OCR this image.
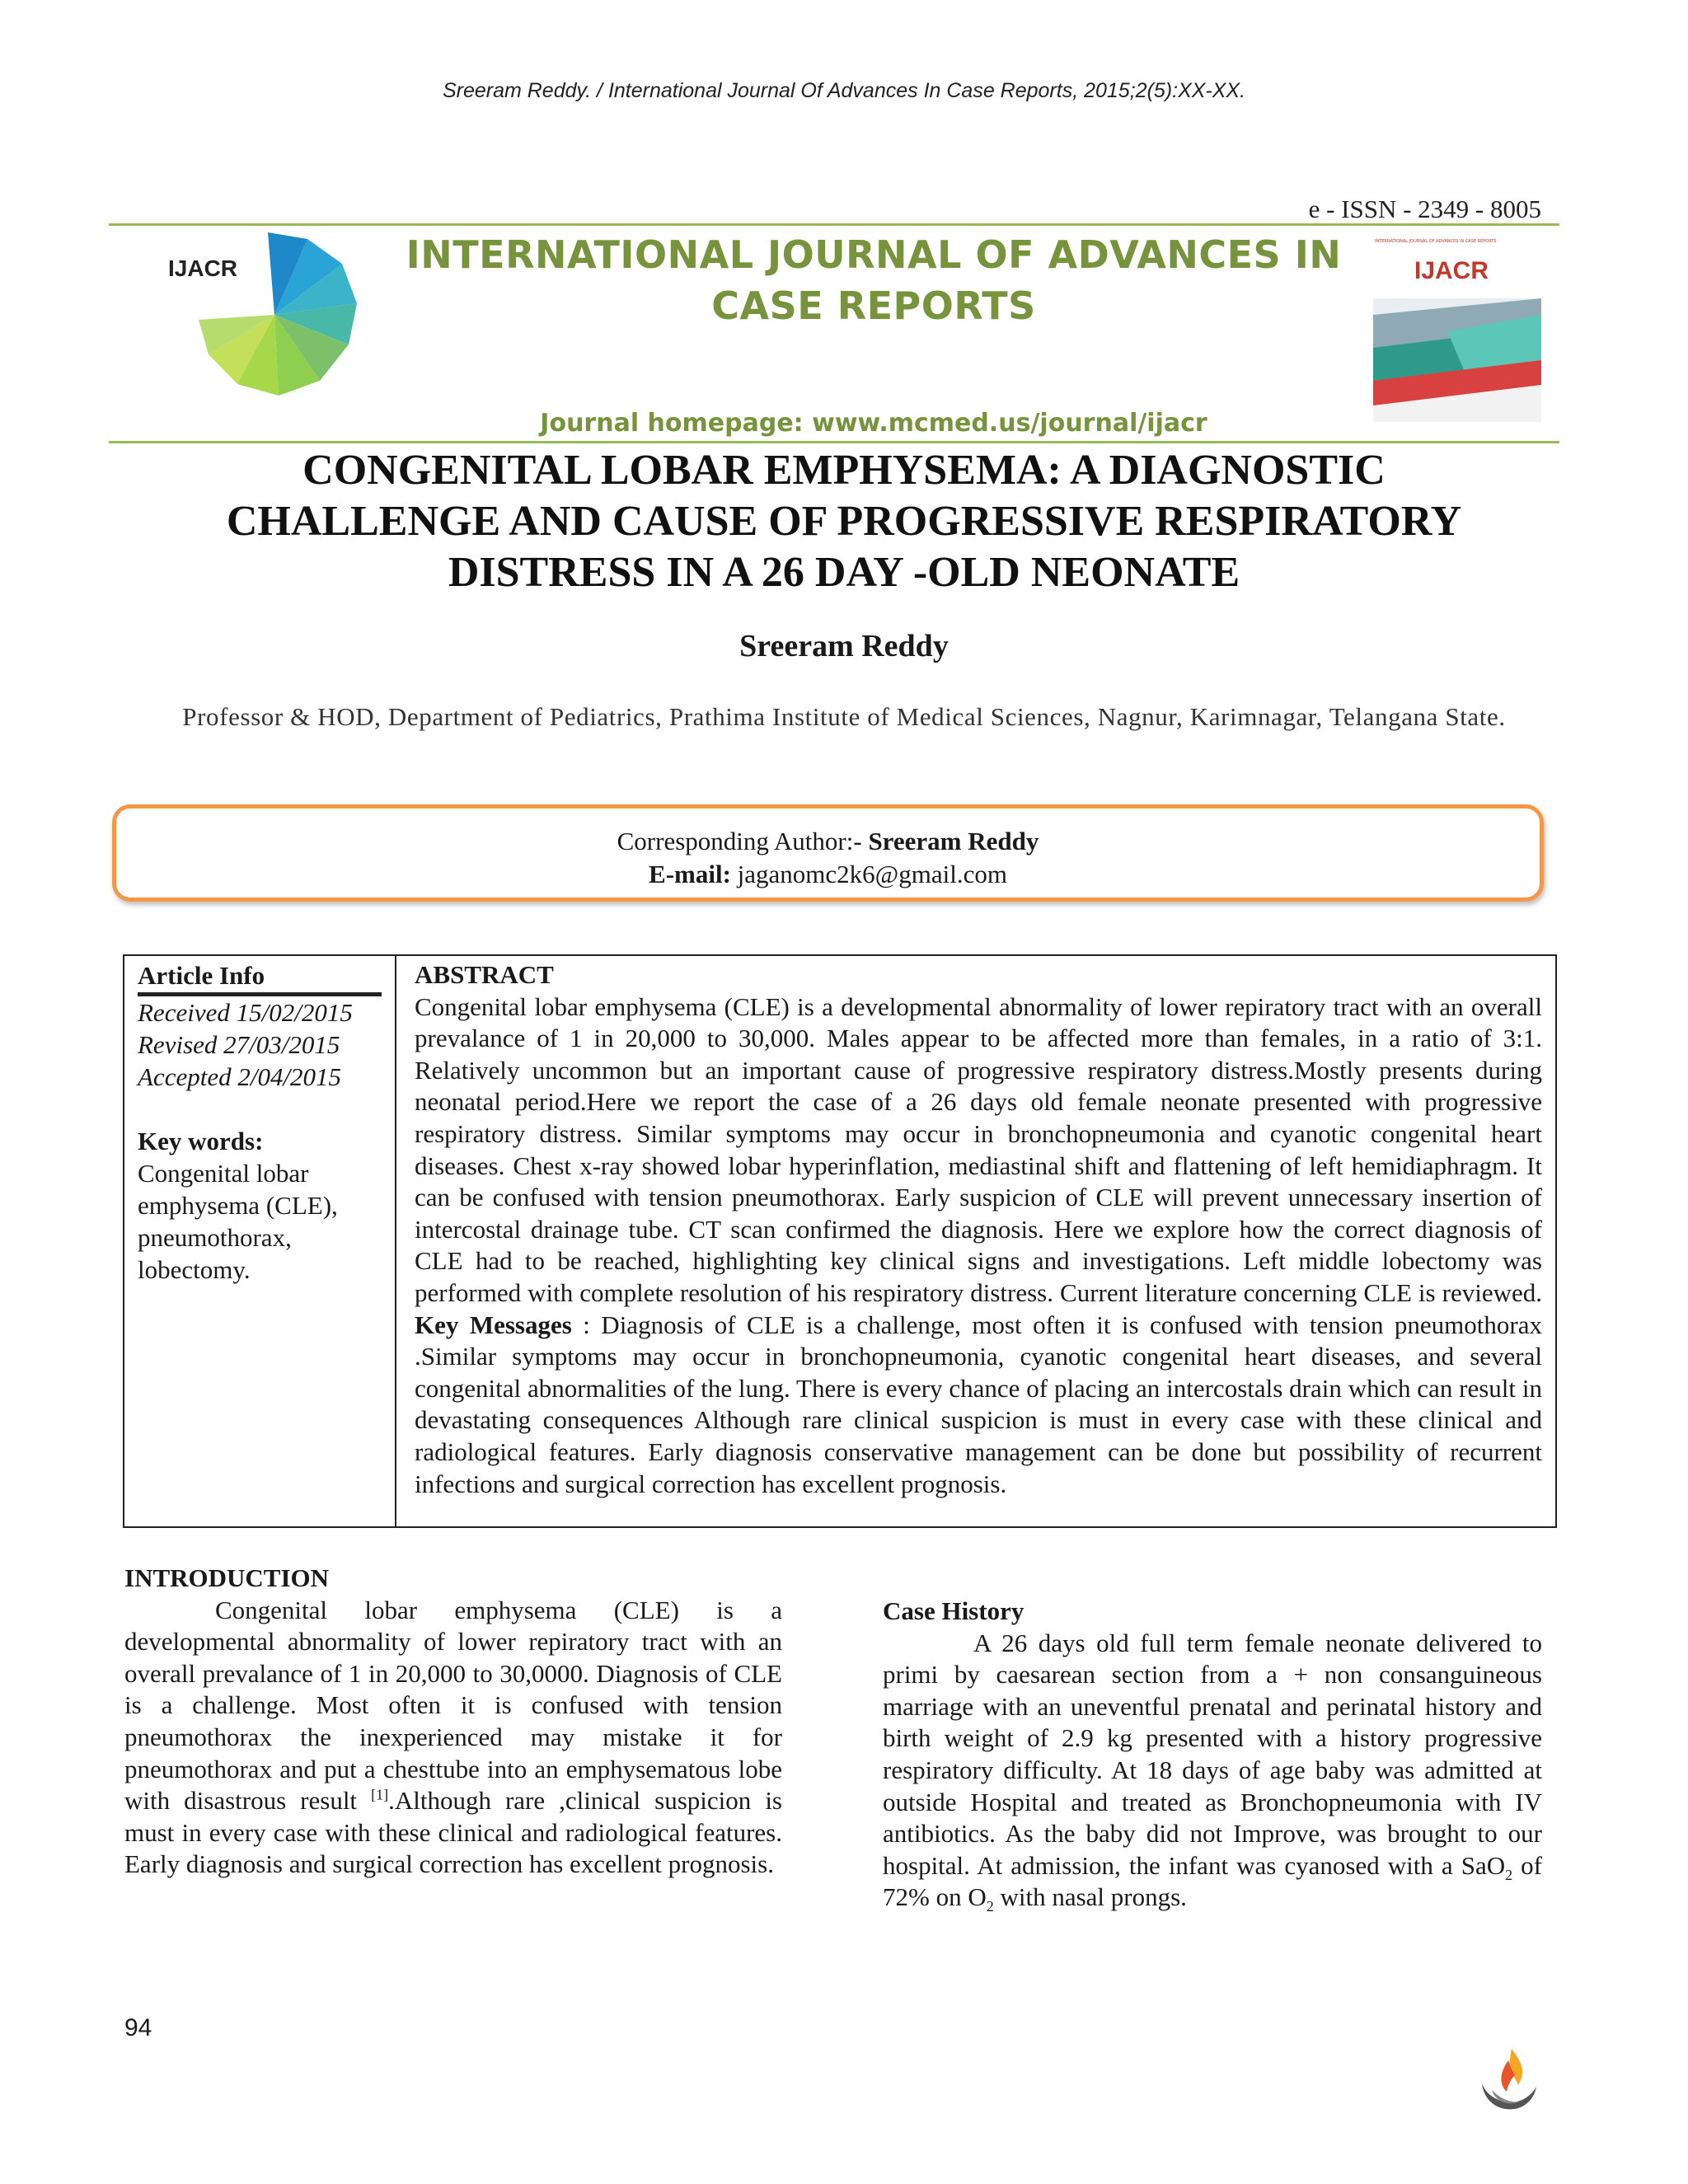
Sreeram Reddy. / International Journal Of Advances In Case Reports, 2015;2(5):XX-XX.
e - ISSN - 2349 - 8005
IJACR	INTERNATIONAL JOURNAL OF ADVANCES IN
CASE REPORTS
INTERNATIONAL JOURNAL OF ADVANCES IN CASE REPORTS
IJACR
Journal homepage: www.mcmed.us/journal/ijacr
CONGENITAL LOBAR EMPHYSEMA: A DIAGNOSTIC
CHALLENGE AND CAUSE OF PROGRESSIVE RESPIRATORY
DISTRESS IN A 26 DAY -OLD NEONATE
Sreeram Reddy
Professor & HOD, Department of Pediatrics, Prathima Institute of Medical Sciences, Nagnur, Karimnagar, Telangana State.
Corresponding Author:- Sreeram Reddy
E-mail: jaganomc2k6@gmail.com
Article Info
Received 15/02/2015
Revised 27/03/2015
Accepted 2/04/2015
Key words:
Congenital lobar emphysema (CLE), pneumothorax, lobectomy.
ABSTRACT
Congenital lobar emphysema (CLE) is a developmental abnormality of lower repiratory tract with an overall prevalance of 1 in 20,000 to 30,000. Males appear to be affected more than females, in a ratio of 3:1. Relatively uncommon but an important cause of progressive respiratory distress.Mostly presents during neonatal period.Here we report the case of a 26 days old female neonate presented with progressive respiratory distress. Similar symptoms may occur in bronchopneumonia and cyanotic congenital heart diseases. Chest x-ray showed lobar hyperinflation, mediastinal shift and flattening of left hemidiaphragm. It can be confused with tension pneumothorax. Early suspicion of CLE will prevent unnecessary insertion of intercostal drainage tube. CT scan confirmed the diagnosis. Here we explore how the correct diagnosis of CLE had to be reached, highlighting key clinical signs and investigations. Left middle lobectomy was performed with complete resolution of his respiratory distress. Current literature concerning CLE is reviewed. Key Messages : Diagnosis of CLE is a challenge, most often it is confused with tension pneumothorax .Similar symptoms may occur in bronchopneumonia, cyanotic congenital heart diseases, and several congenital abnormalities of the lung. There is every chance of placing an intercostals drain which can result in devastating consequences Although rare clinical suspicion is must in every case with these clinical and radiological features. Early diagnosis conservative management can be done but possibility of recurrent infections and surgical correction has excellent prognosis.
INTRODUCTION
Congenital lobar emphysema (CLE) is a developmental abnormality of lower repiratory tract with an overall prevalance of 1 in 20,000 to 30,0000. Diagnosis of CLE is a challenge. Most often it is confused with tension pneumothorax the inexperienced may mistake it for pneumothorax and put a chesttube into an emphysematous lobe with disastrous result [1].Although rare ,clinical suspicion is must in every case with these clinical and radiological features. Early diagnosis and surgical correction has excellent prognosis.
Case History
A 26 days old full term female neonate delivered to primi by caesarean section from a + non consanguineous marriage with an uneventful prenatal and perinatal history and birth weight of 2.9 kg presented with a history progressive respiratory difficulty. At 18 days of age baby was admitted at outside Hospital and treated as Bronchopneumonia with IV antibiotics. As the baby did not Improve, was brought to our hospital. At admission, the infant was cyanosed with a SaO$_2$ of 72% on $O_2$ with nasal prongs.
94
